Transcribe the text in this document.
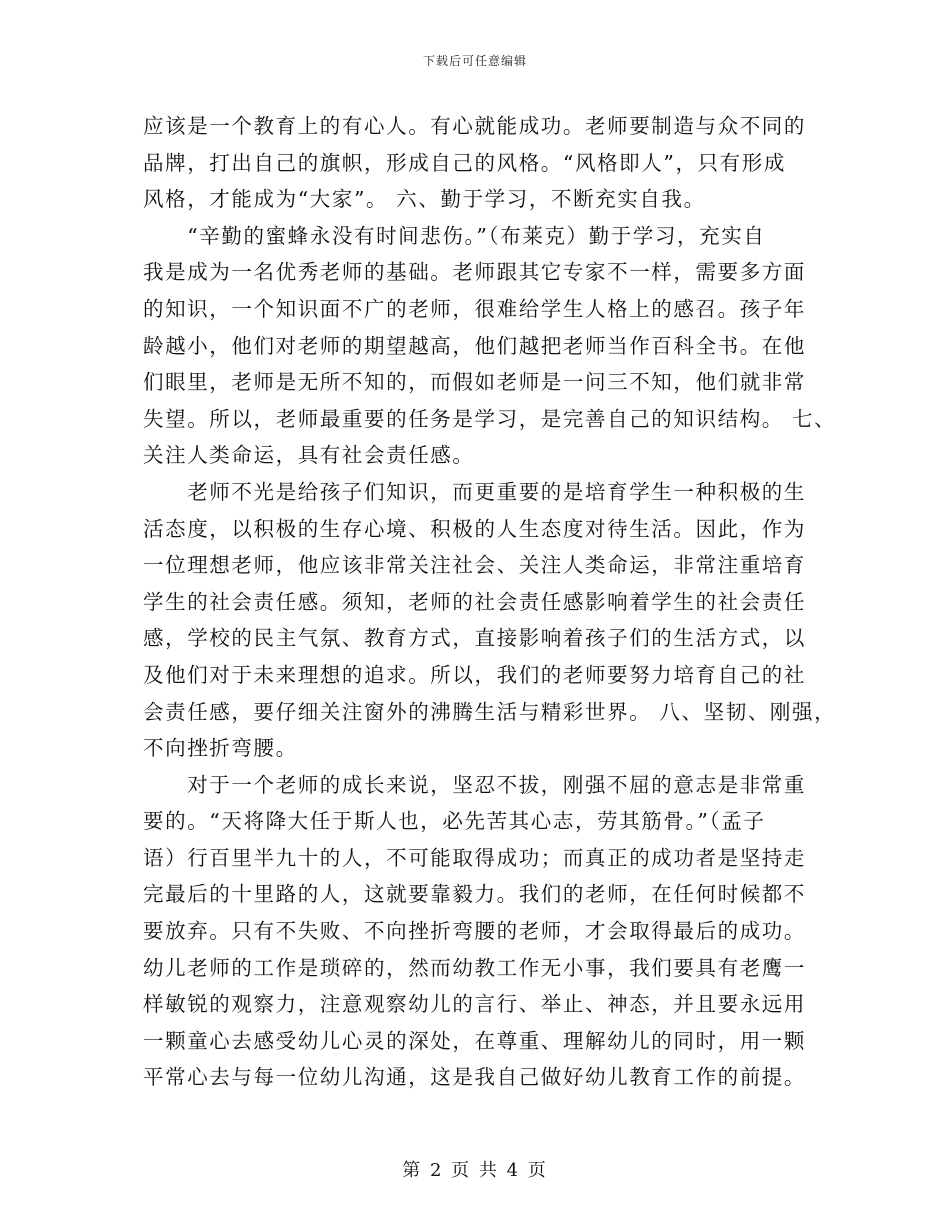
下载后可任意编辑
应该是一个教育上的有心人。有心就能成功。老师要制造与众不同的
品牌，打出自己的旗帜，形成自己的风格。“风格即人”，只有形成
风格，才能成为“大家”。 六、勤于学习，不断充实自我。
　　“辛勤的蜜蜂永没有时间悲伤。”（布莱克）勤于学习，充实自
我是成为一名优秀老师的基础。老师跟其它专家不一样，需要多方面
的知识，一个知识面不广的老师，很难给学生人格上的感召。孩子年
龄越小，他们对老师的期望越高，他们越把老师当作百科全书。在他
们眼里，老师是无所不知的，而假如老师是一问三不知，他们就非常
失望。所以，老师最重要的任务是学习，是完善自己的知识结构。 七、
关注人类命运，具有社会责任感。
　　老师不光是给孩子们知识，而更重要的是培育学生一种积极的生
活态度，以积极的生存心境、积极的人生态度对待生活。因此，作为
一位理想老师，他应该非常关注社会、关注人类命运，非常注重培育
学生的社会责任感。须知，老师的社会责任感影响着学生的社会责任
感，学校的民主气氛、教育方式，直接影响着孩子们的生活方式，以
及他们对于未来理想的追求。所以，我们的老师要努力培育自己的社
会责任感，要仔细关注窗外的沸腾生活与精彩世界。 八、坚韧、刚强，
不向挫折弯腰。
　　对于一个老师的成长来说，坚忍不拔，刚强不屈的意志是非常重
要的。“天将降大任于斯人也，必先苦其心志，劳其筋骨。”（孟子
语）行百里半九十的人，不可能取得成功；而真正的成功者是坚持走
完最后的十里路的人，这就要靠毅力。我们的老师，在任何时候都不
要放弃。只有不失败、不向挫折弯腰的老师，才会取得最后的成功。
幼儿老师的工作是琐碎的，然而幼教工作无小事，我们要具有老鹰一
样敏锐的观察力，注意观察幼儿的言行、举止、神态，并且要永远用
一颗童心去感受幼儿心灵的深处，在尊重、理解幼儿的同时，用一颗
平常心去与每一位幼儿沟通，这是我自己做好幼儿教育工作的前提。
第 2 页 共 4 页
